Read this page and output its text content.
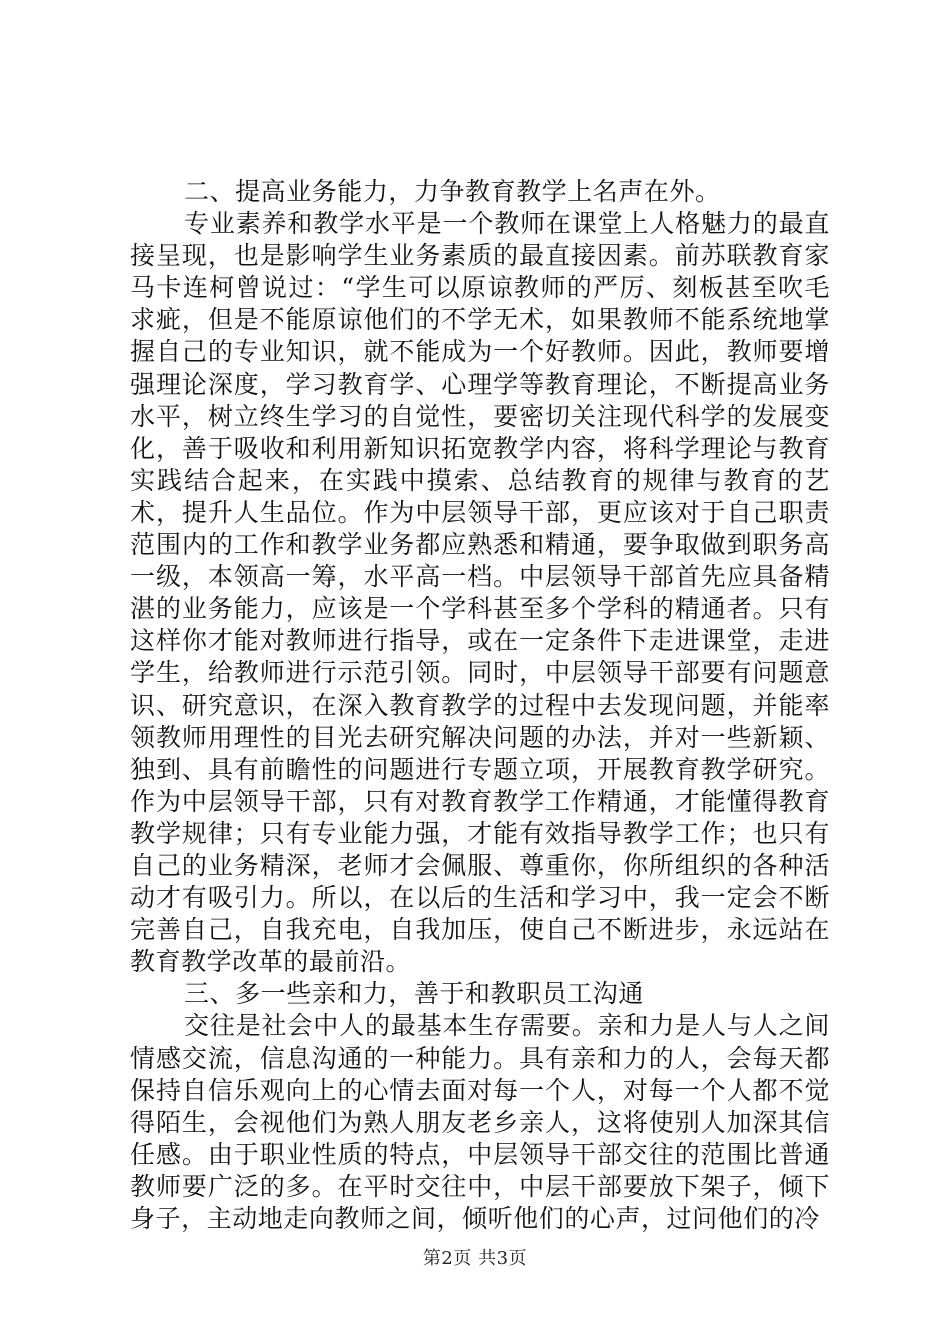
二、提高业务能力，力争教育教学上名声在外。

专业素养和教学水平是一个教师在课堂上人格魅力的最直接呈现，也是影响学生业务素质的最直接因素。前苏联教育家马卡连柯曾说过：“学生可以原谅教师的严厉、刻板甚至吹毛求疵，但是不能原谅他们的不学无术，如果教师不能系统地掌握自己的专业知识，就不能成为一个好教师。因此，教师要增强理论深度，学习教育学、心理学等教育理论，不断提高业务水平，树立终生学习的自觉性，要密切关注现代科学的发展变化，善于吸收和利用新知识拓宽教学内容，将科学理论与教育实践结合起来，在实践中摸索、总结教育的规律与教育的艺术，提升人生品位。作为中层领导干部，更应该对于自己职责范围内的工作和教学业务都应熟悉和精通，要争取做到职务高一级，本领高一筹，水平高一档。中层领导干部首先应具备精湛的业务能力，应该是一个学科甚至多个学科的精通者。只有这样你才能对教师进行指导，或在一定条件下走进课堂，走进学生，给教师进行示范引领。同时，中层领导干部要有问题意识、研究意识，在深入教育教学的过程中去发现问题，并能率领教师用理性的目光去研究解决问题的办法，并对一些新颖、独到、具有前瞻性的问题进行专题立项，开展教育教学研究。作为中层领导干部，只有对教育教学工作精通，才能懂得教育教学规律；只有专业能力强，才能有效指导教学工作；也只有自己的业务精深，老师才会佩服、尊重你，你所组织的各种活动才有吸引力。所以，在以后的生活和学习中，我一定会不断完善自己，自我充电，自我加压，使自己不断进步，永远站在教育教学改革的最前沿。

三、多一些亲和力，善于和教职员工沟通

交往是社会中人的最基本生存需要。亲和力是人与人之间情感交流，信息沟通的一种能力。具有亲和力的人，会每天都保持自信乐观向上的心情去面对每一个人，对每一个人都不觉得陌生，会视他们为熟人朋友老乡亲人，这将使别人加深其信任感。由于职业性质的特点，中层领导干部交往的范围比普通教师要广泛的多。在平时交往中，中层干部要放下架子，倾下身子，主动地走向教师之间，倾听他们的心声，过问他们的冷

第2页 共3页
